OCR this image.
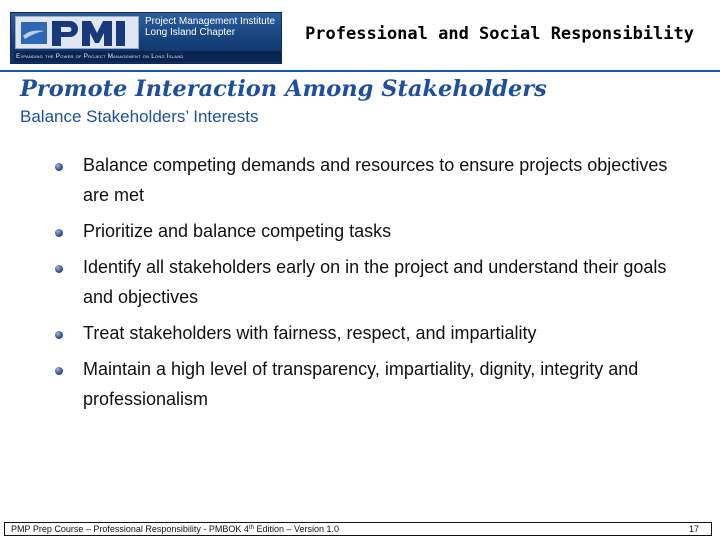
Project Management Institute
Long Island Chapter
Expanding the Power of Project Management on Long Island
Professional and Social Responsibility
Promote Interaction Among Stakeholders
Balance Stakeholders’ Interests
Balance competing demands and resources to ensure projects objectives are met
Prioritize and balance competing tasks
Identify all stakeholders early on in the project and understand their goals and objectives
Treat stakeholders with fairness, respect, and impartiality
Maintain a high level of transparency, impartiality, dignity, integrity and professionalism
PMP Prep Course – Professional Responsibility - PMBOK 4th Edition – Version 1.0	17
